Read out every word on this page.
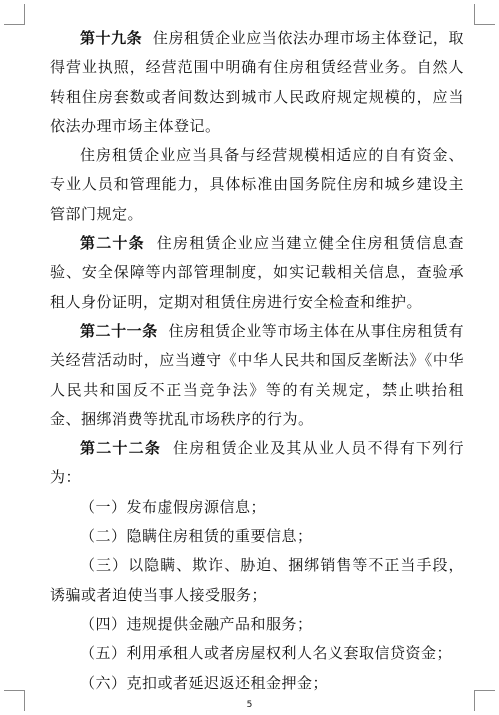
第十九条 住房租赁企业应当依法办理市场主体登记，取得营业执照，经营范围中明确有住房租赁经营业务。自然人转租住房套数或者间数达到城市人民政府规定规模的，应当依法办理市场主体登记。

住房租赁企业应当具备与经营规模相适应的自有资金、专业人员和管理能力，具体标准由国务院住房和城乡建设主管部门规定。

第二十条 住房租赁企业应当建立健全住房租赁信息查验、安全保障等内部管理制度，如实记载相关信息，查验承租人身份证明，定期对租赁住房进行安全检查和维护。

第二十一条 住房租赁企业等市场主体在从事住房租赁有关经营活动时，应当遵守《中华人民共和国反垄断法》《中华人民共和国反不正当竞争法》等的有关规定，禁止哄抬租金、捆绑消费等扰乱市场秩序的行为。

第二十二条 住房租赁企业及其从业人员不得有下列行为：

（一）发布虚假房源信息；

（二）隐瞒住房租赁的重要信息；

（三）以隐瞒、欺诈、胁迫、捆绑销售等不正当手段，诱骗或者迫使当事人接受服务；

（四）违规提供金融产品和服务；

（五）利用承租人或者房屋权利人名义套取信贷资金；

（六）克扣或者延迟返还租金押金；

5
